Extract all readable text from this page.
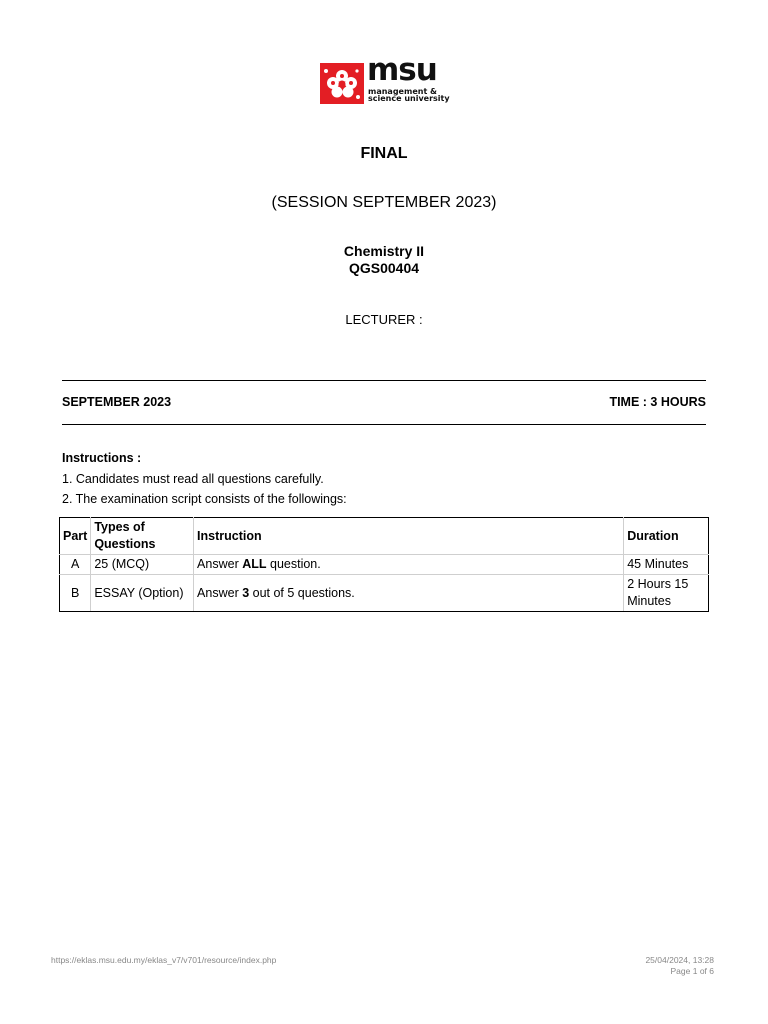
msu
management &
science university
FINAL
(SESSION SEPTEMBER 2023)
Chemistry II
QGS00404
LECTURER :
SEPTEMBER 2023	TIME : 3 HOURS
Instructions :
1. Candidates must read all questions carefully.
2. The examination script consists of the followings:
Part	Types of Questions	Instruction	Duration
A	25 (MCQ)	Answer ALL question.	45 Minutes
B	ESSAY (Option)	Answer 3 out of 5 questions.	2 Hours 15 Minutes
https://eklas.msu.edu.my/eklas_v7/v701/resource/index.php	25/04/2024, 13:28
Page 1 of 6
